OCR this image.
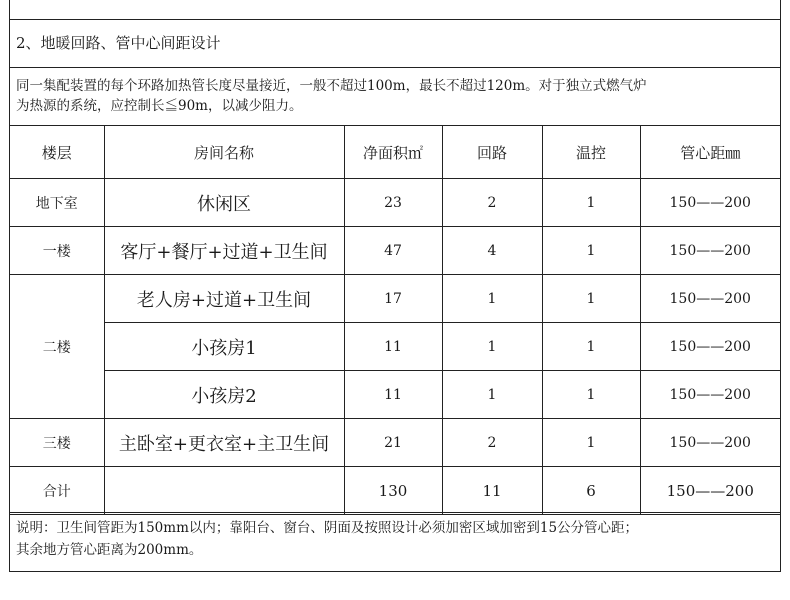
2、地暖回路、管中心间距设计
同一集配装置的每个环路加热管长度尽量接近，一般不超过100m，最长不超过120m。对于独立式燃气炉
为热源的系统，应控制长≦90m，以减少阻力。
楼层	房间名称	净面积㎡	回路	温控	管心距㎜
地下室	休闲区	23	2	1	150——200
一楼	客厅+餐厅+过道+卫生间	47	4	1	150——200
二楼	老人房+过道+卫生间	17	1	1	150——200
	小孩房1	11	1	1	150——200
	小孩房2	11	1	1	150——200
三楼	主卧室+更衣室+主卫生间	21	2	1	150——200
合计		130	11	6	150——200
说明：卫生间管距为150mm以内；靠阳台、窗台、阴面及按照设计必须加密区域加密到15公分管心距；
其余地方管心距离为200mm。
